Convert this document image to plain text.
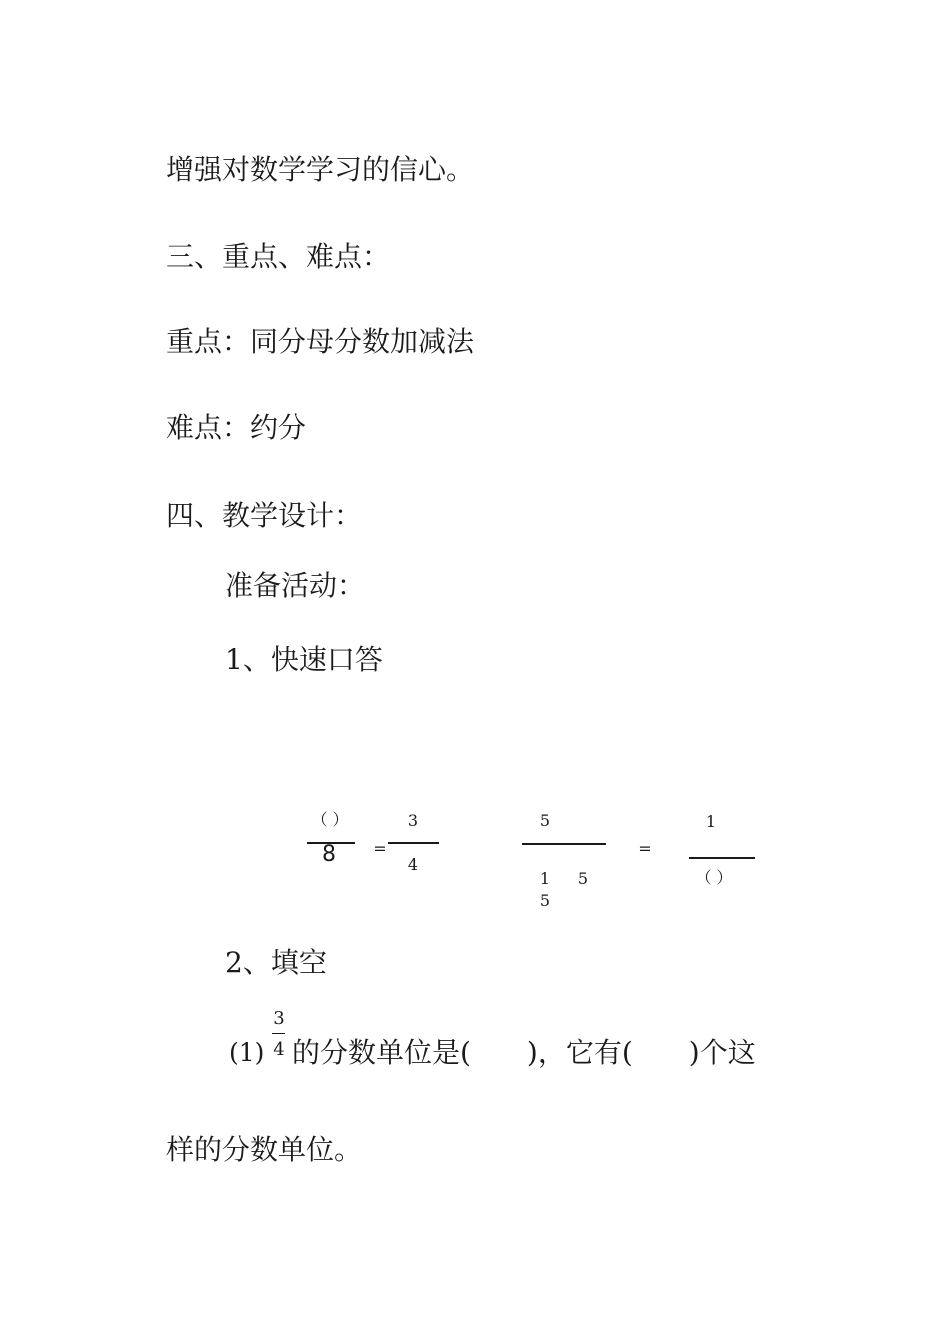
增强对数学学习的信心。
三、重点、难点：
重点：同分母分数加减法
难点：约分
四、教学设计：
准备活动：
1、快速口答
（ ）
8 =
3
4
5
1	5
5
=
1
（ ）
2、填空
(1)
3
4 的分数单位是(　　)，它有(　　)个这
样的分数单位。
